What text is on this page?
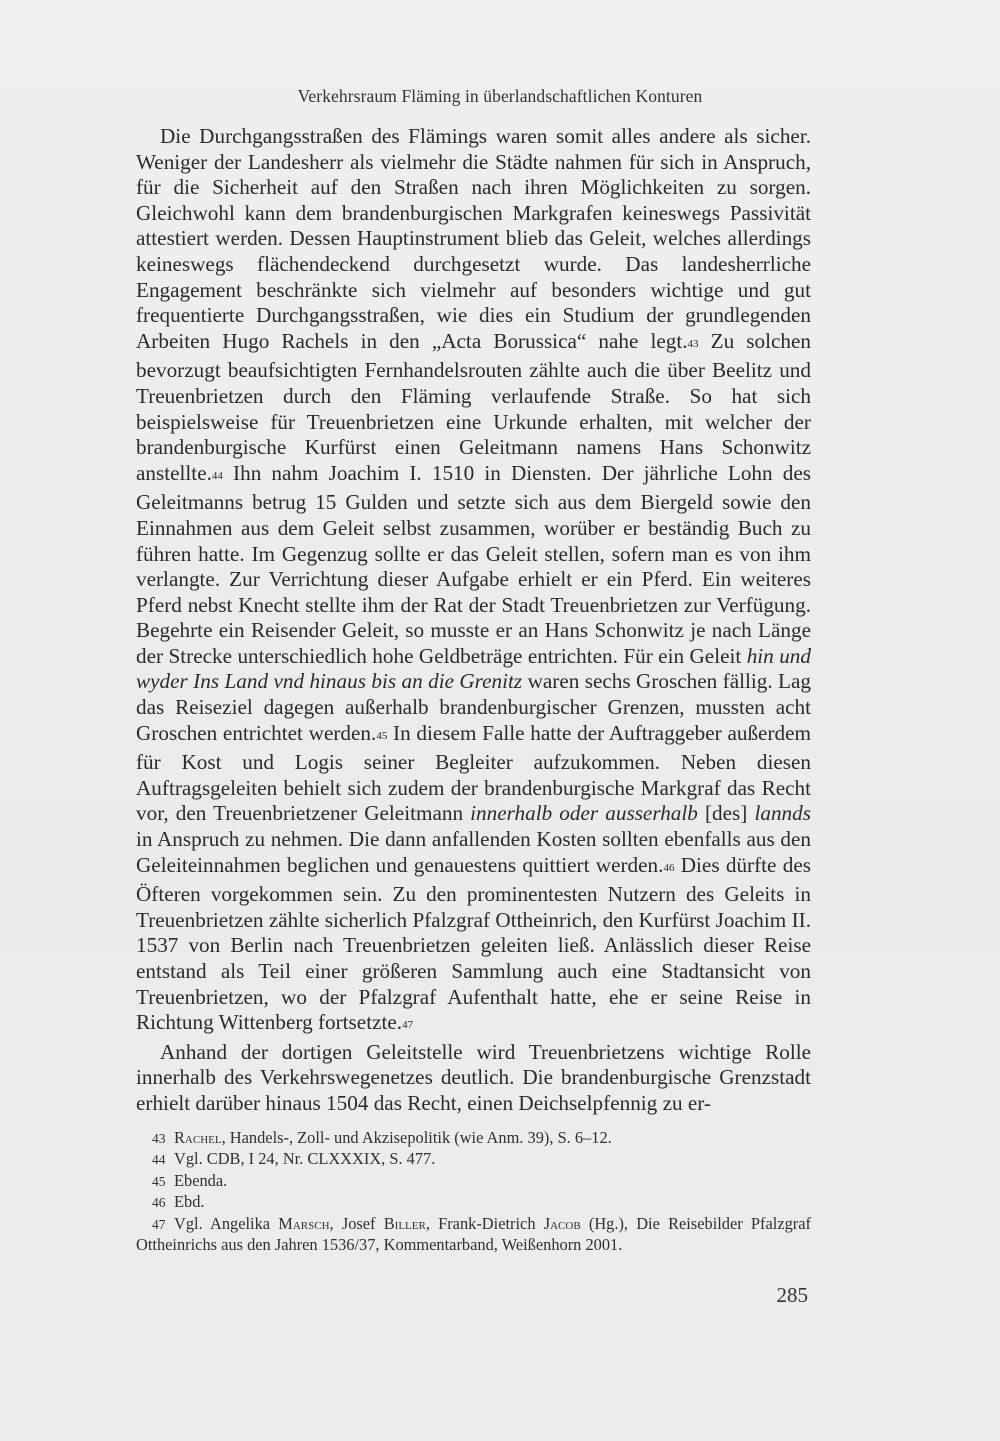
Verkehrsraum Fläming in überlandschaftlichen Konturen

Die Durchgangsstraßen des Flämings waren somit alles andere als sicher. Weniger der Landesherr als vielmehr die Städte nahmen für sich in Anspruch, für die Sicherheit auf den Straßen nach ihren Möglichkeiten zu sorgen. Gleichwohl kann dem brandenburgischen Markgrafen keineswegs Passivität attestiert werden. Dessen Hauptinstrument blieb das Geleit, welches allerdings keineswegs flächendeckend durchgesetzt wurde. Das landesherrliche Engagement beschränkte sich vielmehr auf besonders wichtige und gut frequentierte Durchgangsstraßen, wie dies ein Studium der grundlegenden Arbeiten Hugo Rachels in den „Acta Borussica“ nahe legt.$^{43}$ Zu solchen bevorzugt beaufsichtigten Fernhandelsrouten zählte auch die über Beelitz und Treuenbrietzen durch den Fläming verlaufende Straße. So hat sich beispielsweise für Treuenbrietzen eine Urkunde erhalten, mit welcher der brandenburgische Kurfürst einen Geleitmann namens Hans Schonwitz anstellte.$^{44}$ Ihn nahm Joachim I. 1510 in Diensten. Der jährliche Lohn des Geleitmanns betrug 15 Gulden und setzte sich aus dem Biergeld sowie den Einnahmen aus dem Geleit selbst zusammen, worüber er beständig Buch zu führen hatte. Im Gegenzug sollte er das Geleit stellen, sofern man es von ihm verlangte. Zur Verrichtung dieser Aufgabe erhielt er ein Pferd. Ein weiteres Pferd nebst Knecht stellte ihm der Rat der Stadt Treuenbrietzen zur Verfügung. Begehrte ein Reisender Geleit, so musste er an Hans Schonwitz je nach Länge der Strecke unterschiedlich hohe Geldbeträge entrichten. Für ein Geleit hin und wyder Ins Land vnd hinaus bis an die Grenitz waren sechs Groschen fällig. Lag das Reiseziel dagegen außerhalb brandenburgischer Grenzen, mussten acht Groschen entrichtet werden.$^{45}$ In diesem Falle hatte der Auftraggeber außerdem für Kost und Logis seiner Begleiter aufzukommen. Neben diesen Auftragsgeleiten behielt sich zudem der brandenburgische Markgraf das Recht vor, den Treuenbrietzener Geleitmann innerhalb oder ausserhalb [des] lannds in Anspruch zu nehmen. Die dann anfallenden Kosten sollten ebenfalls aus den Geleiteinnahmen beglichen und genauestens quittiert werden.$^{46}$ Dies dürfte des Öfteren vorgekommen sein. Zu den prominentesten Nutzern des Geleits in Treuenbrietzen zählte sicherlich Pfalzgraf Ottheinrich, den Kurfürst Joachim II. 1537 von Berlin nach Treuenbrietzen geleiten ließ. Anlässlich dieser Reise entstand als Teil einer größeren Sammlung auch eine Stadtansicht von Treuenbrietzen, wo der Pfalzgraf Aufenthalt hatte, ehe er seine Reise in Richtung Wittenberg fortsetzte.$^{47}$

Anhand der dortigen Geleitstelle wird Treuenbrietzens wichtige Rolle innerhalb des Verkehrswegenetzes deutlich. Die brandenburgische Grenzstadt erhielt darüber hinaus 1504 das Recht, einen Deichselpfennig zu er-

43 Rachel, Handels-, Zoll- und Akzisepolitik (wie Anm. 39), S. 6–12.

44 Vgl. CDB, I 24, Nr. CLXXXIX, S. 477.

45 Ebenda.

46 Ebd.

47 Vgl. Angelika Marsch, Josef Biller, Frank-Dietrich Jacob (Hg.), Die Reisebilder Pfalzgraf Ottheinrichs aus den Jahren 1536/37, Kommentarband, Weißenhorn 2001.

285
